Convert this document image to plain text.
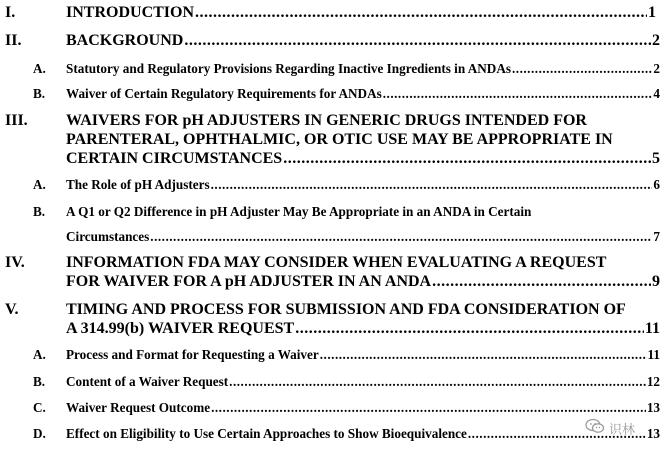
I.	INTRODUCTION .....	1
II.	BACKGROUND .....	2
A. Statutory and Regulatory Provisions Regarding Inactive Ingredients in ANDAs .....	2
B. Waiver of Certain Regulatory Requirements for ANDAs .....	4
III. WAIVERS FOR pH ADJUSTERS IN GENERIC DRUGS INTENDED FOR
PARENTERAL, OPHTHALMIC, OR OTIC USE MAY BE APPROPRIATE IN
CERTAIN CIRCUMSTANCES .....	5
A. The Role of pH Adjusters .....	6
B. A Q1 or Q2 Difference in pH Adjuster May Be Appropriate in an ANDA in Certain
Circumstances .....	7
IV.	INFORMATION FDA MAY CONSIDER WHEN EVALUATING A REQUEST
FOR WAIVER FOR A pH ADJUSTER IN AN ANDA .....	9
V.	TIMING AND PROCESS FOR SUBMISSION AND FDA CONSIDERATION OF
A 314.99(b) WAIVER REQUEST .....	11
A. Process and Format for Requesting a Waiver .....	11
B. Content of a Waiver Request .....	12
C. Waiver Request Outcome .....	13
D. Effect on Eligibility to Use Certain Approaches to Show Bioequivalence .....	13
识林
